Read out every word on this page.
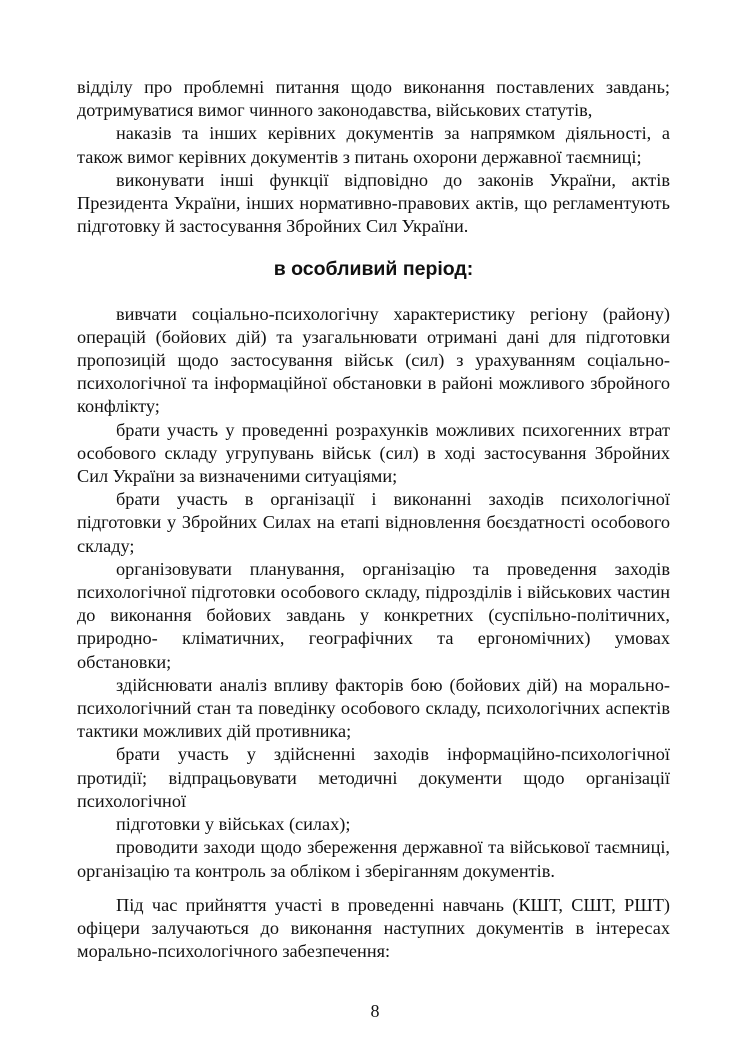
відділу про проблемні питання щодо виконання поставлених завдань; дотримуватися вимог чинного законодавства, військових статутів,

наказів та інших керівних документів за напрямком діяльності, а також вимог керівних документів з питань охорони державної таємниці;

виконувати інші функції відповідно до законів України, актів Президента України, інших нормативно-правових актів, що регламентують підготовку й застосування Збройних Сил України.

в особливий період:

вивчати соціально-психологічну характеристику регіону (району) операцій (бойових дій) та узагальнювати отримані дані для підготовки пропозицій щодо застосування військ (сил) з урахуванням соціально-психологічної та інформаційної обстановки в районі можливого збройного конфлікту;

брати участь у проведенні розрахунків можливих психогенних втрат особового складу угрупувань військ (сил) в ході застосування Збройних Сил України за визначеними ситуаціями;

брати участь в організації і виконанні заходів психологічної підготовки у Збройних Силах на етапі відновлення боєздатності особового складу;

організовувати планування, організацію та проведення заходів психологічної підготовки особового складу, підрозділів і військових частин до виконання бойових завдань у конкретних (суспільно-політичних, природно- кліматичних, географічних та ергономічних) умовах обстановки;

здійснювати аналіз впливу факторів бою (бойових дій) на морально- психологічний стан та поведінку особового складу, психологічних аспектів тактики можливих дій противника;

брати участь у здійсненні заходів інформаційно-психологічної протидії; відпрацьовувати методичні документи щодо організації психологічної

підготовки у військах (силах);

проводити заходи щодо збереження державної та військової таємниці, організацію та контроль за обліком і зберіганням документів.

Під час прийняття участі в проведенні навчань (КШТ, СШТ, РШТ) офіцери залучаються до виконання наступних документів в інтересах морально-психологічного забезпечення:

8
